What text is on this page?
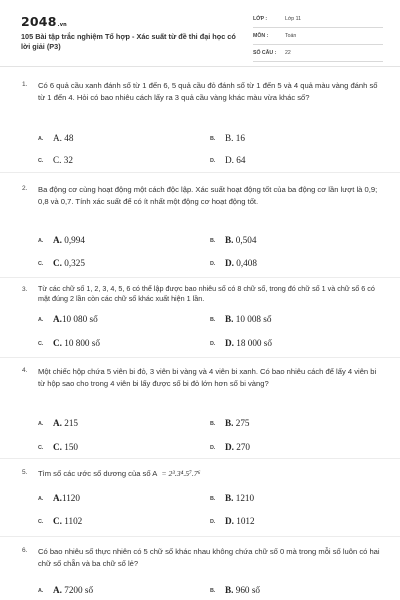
2048.vn
105 Bài tập trắc nghiệm Tổ hợp - Xác suất từ đề thi đại học có lời giải (P3)
LỚP :	Lớp 11
MÔN :	Toán
SỐ CÂU : 22
1. Có 6 quả cầu xanh đánh số từ 1 đến 6, 5 quả cầu đỏ đánh số từ 1 đến 5 và 4 quả màu vàng đánh số từ 1 đến 4. Hỏi có bao nhiêu cách lấy ra 3 quả cầu vàng khác màu vừa khác số?
A. A. 48	B. B. 16
C. C. 32	D. D. 64
2. Ba động cơ cùng hoạt động một cách độc lập. Xác suất hoạt động tốt của ba động cơ lần lượt là 0,9; 0,8 và 0,7. Tính xác suất để có ít nhất một động cơ hoạt động tốt.
A. A. 0,994	B. B. 0,504
C. C. 0,325	D. D. 0,408
3. Từ các chữ số 1, 2, 3, 4, 5, 6 có thể lập được bao nhiêu số có 8 chữ số, trong đó chữ số 1 và chữ số 6 có mặt đúng 2 lần còn các chữ số khác xuất hiện 1 lần.
A. A.10 080 số	B. B. 10 008 số
C. C. 10 800 số	D. D. 18 000 số
4. Một chiếc hộp chứa 5 viên bi đỏ, 3 viên bi vàng và 4 viên bi xanh. Có bao nhiêu cách để lấy 4 viên bi từ hộp sao cho trong 4 viên bi lấy được số bi đỏ lớn hơn số bi vàng?
A. A. 215	B. B. 275
C. C. 150	D. D. 270
5. Tìm số các ước số dương của số A = 2³.3⁴.5⁷.7⁶
A. A.1120	B. B. 1210
C. C. 1102	D. D. 1012
6. Có bao nhiêu số thực nhiên có 5 chữ số khác nhau không chứa chữ số 0 mà trong mỗi số luôn có hai chữ số chẵn và ba chữ số lẻ?
A. A. 7200 số	B. B. 960 số
